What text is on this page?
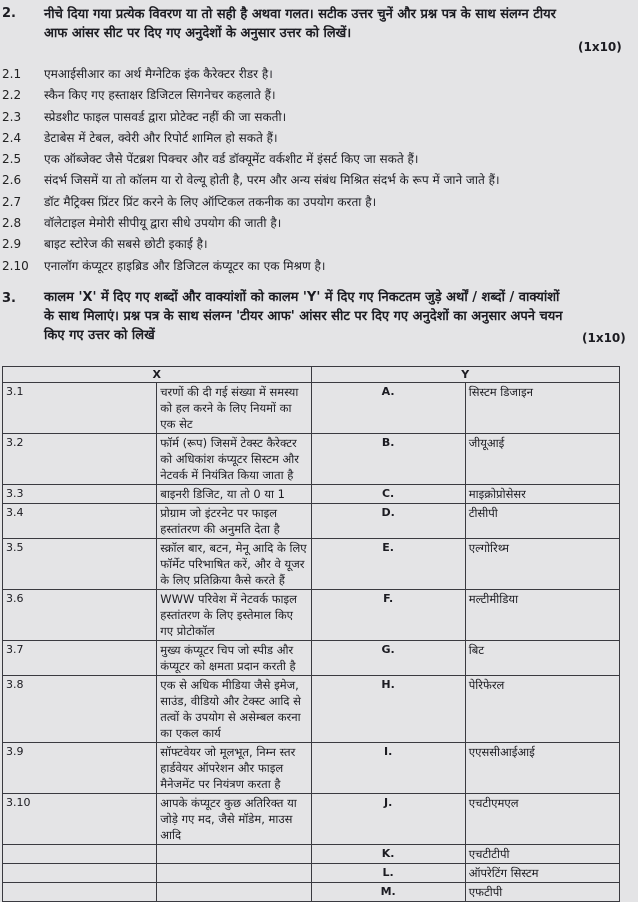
2. नीचे दिया गया प्रत्येक विवरण या तो सही है अथवा गलत। सटीक उत्तर चुनें और प्रश्न पत्र के साथ संलग्न टीयर
आफ आंसर सीट पर दिए गए अनुदेशों के अनुसार उत्तर को लिखें।
(1x10)
2.1	एमआईसीआर का अर्थ मैग्नेटिक इंक कैरेक्टर रीडर है।
2.2	स्कैन किए गए हस्ताक्षर डिजिटल सिगनेचर कहलाते हैं।
2.3	स्प्रेडशीट फाइल पासवर्ड द्वारा प्रोटेक्ट नहीं की जा सकती।
2.4	डेटाबेस में टेबल, क्वेरी और रिपोर्ट शामिल हो सकते हैं।
2.5	एक ऑब्जेक्ट जैसे पेंटब्रश पिक्चर और वर्ड डॉक्यूमेंट वर्कशीट में इंसर्ट किए जा सकते हैं।
2.6	संदर्भ जिसमें या तो कॉलम या रो वेल्यू होती है, परम और अन्य संबंध मिश्रित संदर्भ के रूप में जाने जाते हैं।
2.7	डॉट मैट्रिक्स प्रिंटर प्रिंट करने के लिए ऑप्टिकल तकनीक का उपयोग करता है।
2.8	वॉलेटाइल मेमोरी सीपीयू द्वारा सीधे उपयोग की जाती है।
2.9	बाइट स्टोरेज की सबसे छोटी इकाई है।
2.10	एनालॉग कंप्यूटर हाइब्रिड और डिजिटल कंप्यूटर का एक मिश्रण है।
3. कालम 'X' में दिए गए शब्दों और वाक्यांशों को कालम 'Y' में दिए गए निकटतम जुड़े अर्थों / शब्दों / वाक्यांशों
के साथ मिलाएं। प्रश्न पत्र के साथ संलग्न 'टीयर आफ' आंसर सीट पर दिए गए अनुदेशों का अनुसार अपने चयन
किए गए उत्तर को लिखें	(1x10)
X		Y	
3.1	चरणों की दी गई संख्या में समस्या को हल करने के लिए नियमों का एक सेट	A.	सिस्टम डिजाइन
3.2	फॉर्म (रूप) जिसमें टेक्स्ट कैरेक्टर को अधिकांश कंप्यूटर सिस्टम और नेटवर्क में नियंत्रित किया जाता है	B.	जीयूआई
3.3	बाइनरी डिजिट, या तो 0 या 1	C.	माइक्रोप्रोसेसर
3.4	प्रोग्राम जो इंटरनेट पर फाइल हस्तांतरण की अनुमति देता है	D.	टीसीपी
3.5	स्क्रॉल बार, बटन, मेनू आदि के लिए फॉर्मेट परिभाषित करें, और वे यूजर के लिए प्रतिक्रिया कैसे करते हैं	E.	एल्गोरिथ्म
3.6	WWW परिवेश में नेटवर्क फाइल हस्तांतरण के लिए इस्तेमाल किए गए प्रोटोकॉल	F.	मल्टीमीडिया
3.7	मुख्य कंप्यूटर चिप जो स्पीड और कंप्यूटर को क्षमता प्रदान करती है	G.	बिट
3.8	एक से अधिक मीडिया जैसे इमेज, साउंड, वीडियो और टेक्स्ट आदि से तत्वों के उपयोग से असेम्बल करना का एकल कार्य	H.	पेरिफेरल
3.9	सॉफ्टवेयर जो मूलभूत, निम्न स्तर हार्डवेयर ऑपरेशन और फाइल मैनेजमेंट पर नियंत्रण करता है	I.	एएससीआईआई
3.10	आपके कंप्यूटर कुछ अतिरिक्त या जोड़े गए मद, जैसे मॉडेम, माउस आदि	J.	एचटीएमएल
		K.	एचटीटीपी
		L.	ऑपरेटिंग सिस्टम
		M.	एफटीपी
